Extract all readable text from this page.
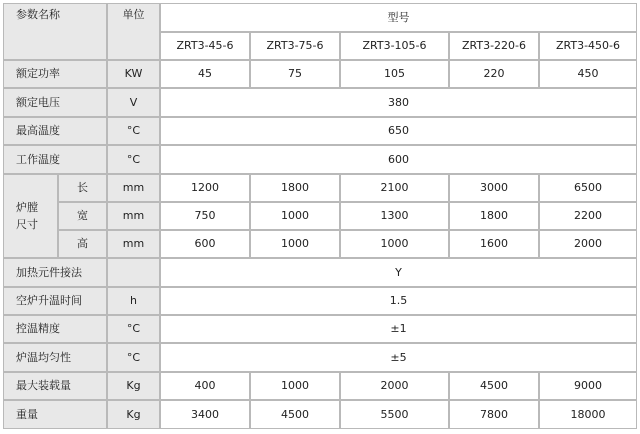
参数名称	单位	型号
ZRT3-45-6	ZRT3-75-6	ZRT3-105-6	ZRT3-220-6	ZRT3-450-6
额定功率	KW	45	75	105	220	450
额定电压	V	380
最高温度	°C	650
工作温度	°C	600
炉膛
尺寸
长	mm	1200	1800	2100	3000	6500
宽	mm	750	1000	1300	1800	2200
高	mm	600	1000	1000	1600	2000
加热元件接法	Y
空炉升温时间	h	1.5
控温精度	°C	±1
炉温均匀性	°C	±5
最大装载量	Kg	400	1000	2000	4500	9000
重量	Kg	3400	4500	5500	7800	18000
